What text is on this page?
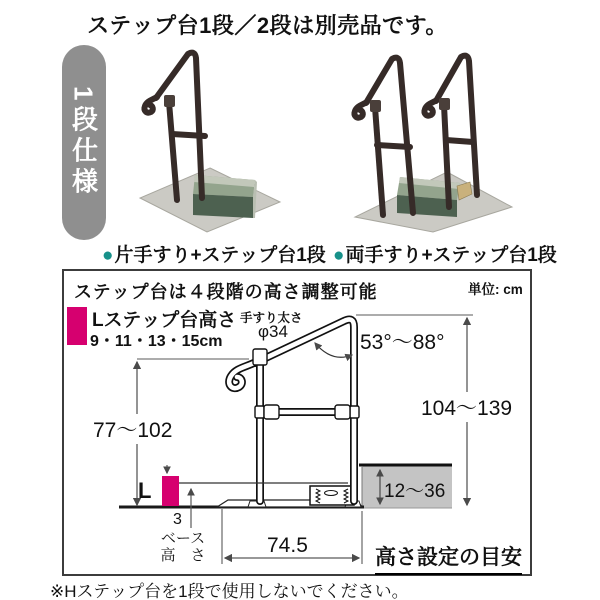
ステップ台1段／2段は別売品です。
1段仕様
●片手すり+ステップ台1段 ●両手すり+ステップ台1段
ステップ台は４段階の高さ調整可能	単位: cm
Lステップ台高さ
9・11・13・15cm
手すり太さ
φ34	53°〜88°
104〜139
77〜102
12〜36
L
3
ベース
高　さ	74.5
高さ設定の目安
※Hステップ台を1段で使用しないでください。
